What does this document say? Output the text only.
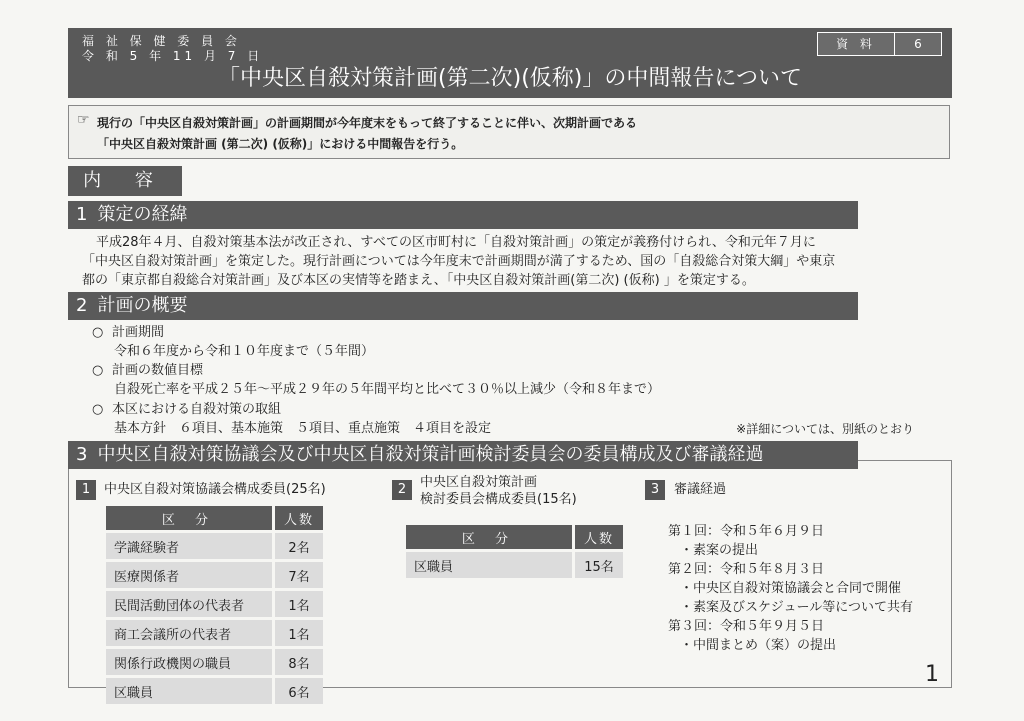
福 祉 保 健 委 員 会
令 和 5 年 11 月 7 日
資 料	6
「中央区自殺対策計画(第二次)(仮称)」の中間報告について
☞ 現行の「中央区自殺対策計画」の計画期間が今年度末をもって終了することに伴い、次期計画である
「中央区自殺対策計画 (第二次) (仮称)」における中間報告を行う。
内 容
1 策定の経緯
平成28年４月、自殺対策基本法が改正され、すべての区市町村に「自殺対策計画」の策定が義務付けられ、令和元年７月に
「中央区自殺対策計画」を策定した。現行計画については今年度末で計画期間が満了するため、国の「自殺総合対策大綱」や東京
都の「東京都自殺総合対策計画」及び本区の実情等を踏まえ、「中央区自殺対策計画(第二次) (仮称) 」を策定する。
2 計画の概要
○ 計画期間
令和６年度から令和１０年度まで（５年間）
○ 計画の数値目標
自殺死亡率を平成２５年～平成２９年の５年間平均と比べて３０％以上減少（令和８年まで）
○ 本区における自殺対策の取組
基本方針　６項目、基本施策　５項目、重点施策　４項目を設定	※詳細については、別紙のとおり
3 中央区自殺対策協議会及び中央区自殺対策計画検討委員会の委員構成及び審議経過
1	中央区自殺対策協議会構成委員(25名)
区 分	人数
学識経験者	2名
医療関係者	7名
民間活動団体の代表者	1名
商工会議所の代表者	1名
関係行政機関の職員	8名
区職員	6名
2	中央区自殺対策計画
検討委員会構成委員(15名)
区 分	人数
区職員	15名
3	審議経過
第１回：令和５年６月９日
・素案の提出
第２回：令和５年８月３日
・中央区自殺対策協議会と合同で開催
・素案及びスケジュール等について共有
第３回：令和５年９月５日
・中間まとめ（案）の提出
1
